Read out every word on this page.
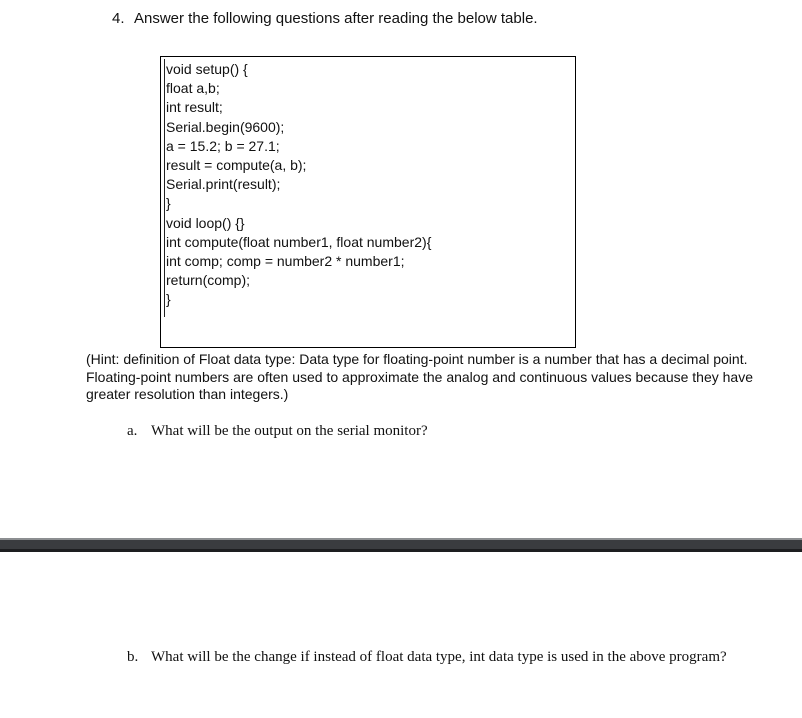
4. Answer the following questions after reading the below table.
void setup() {
float a,b;
int result;
Serial.begin(9600);
a = 15.2; b = 27.1;
result = compute(a, b);
Serial.print(result);
}
void loop() {}
int compute(float number1, float number2){
int comp; comp = number2 * number1;
return(comp);
}
(Hint: definition of Float data type: Data type for floating-point number is a number that has a decimal point. Floating-point numbers are often used to approximate the analog and continuous values because they have greater resolution than integers.)
a. What will be the output on the serial monitor?
b. What will be the change if instead of float data type, int data type is used in the above program?
